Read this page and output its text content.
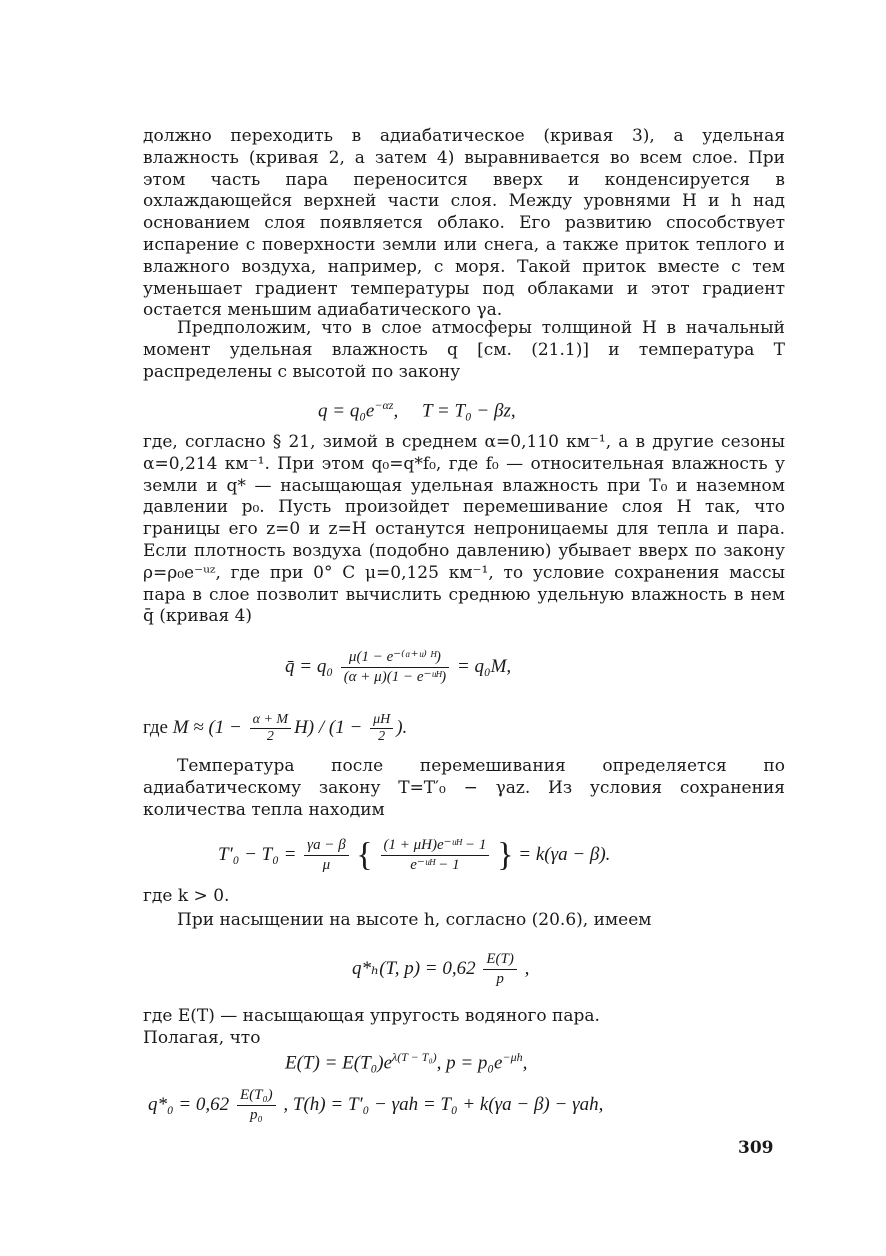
должно переходить в адиабатическое (кривая 3), а удельная влажность (кривая 2, а затем 4) выравнивается во всем слое. При этом часть пара переносится вверх и конденсируется в охлаждающейся верхней части слоя. Между уровнями H и h над основанием слоя появляется облако. Его развитию способствует испарение с поверхности земли или снега, а также приток теплого и влажного воздуха, например, с моря. Такой приток вместе с тем уменьшает градиент температуры под облаками и этот градиент остается меньшим адиабатического γa.

Предположим, что в слое атмосферы толщиной H в начальный момент удельная влажность q [см. (21.1)] и температура T распределены с высотой по закону

$q = q_0e^{-\alpha z}$,     T = T₀ − βz,

где, согласно § 21, зимой в среднем α=0,110 км⁻¹, а в другие сезоны α=0,214 км⁻¹. При этом q₀=q*f₀, где f₀ — относительная влажность у земли и q* — насыщающая удельная влажность при T₀ и наземном давлении p₀. Пусть произойдет перемешивание слоя H так, что границы его z=0 и z=H останутся непроницаемы для тепла и пара. Если плотность воздуха (подобно давлению) убывает вверх по закону ρ=ρ₀e⁻ᵘᶻ, где при 0° C μ=0,125 км⁻¹, то условие сохранения массы пара в слое позволит вычислить среднюю удельную влажность в нем q̄ (кривая 4)

q̄ = $q_0 \frac{\text{μ(1 − e⁻⁽ᵅ⁺ᵘ⁾ ᴴ)}}{\text{(α + μ)(1 − e⁻ᵘᴴ)}} = q_0M$,
где $M \approx (1 - \frac{\alpha + M}{2} H) / (1 - \frac{\mu H}{2}$ ).

Температура после перемешивания определяется по адиабатическому закону T=T′₀ − γaz. Из условия сохранения количества тепла находим

$T'_0 - T_0 = \frac{\gamma a - \beta}{\mu}$ { $\frac{\text{(1 + μH)e⁻ᵘᴴ − 1}}{\text{e⁻ᵘᴴ − 1}}$ } = k(γa − β).
где k > 0.

При насыщении на высоте h, согласно (20.6), имеем

q*ₕ(T, $p) = 0,62 \frac{E(T)}{p}$ ,

где E(T) — насыщающая упругость водяного пара.

Полагая, что

$E(T) = E(T_0)e^{\lambda(T - T_0)}$, $p = p_0e^{-\mu h}$,
$q*_0 = 0,62 \frac{\text{E(T₀)}}{\text{p₀}}$ , T(h) = T′₀ − γah = T₀ + k(γa − β) − γah,
309
